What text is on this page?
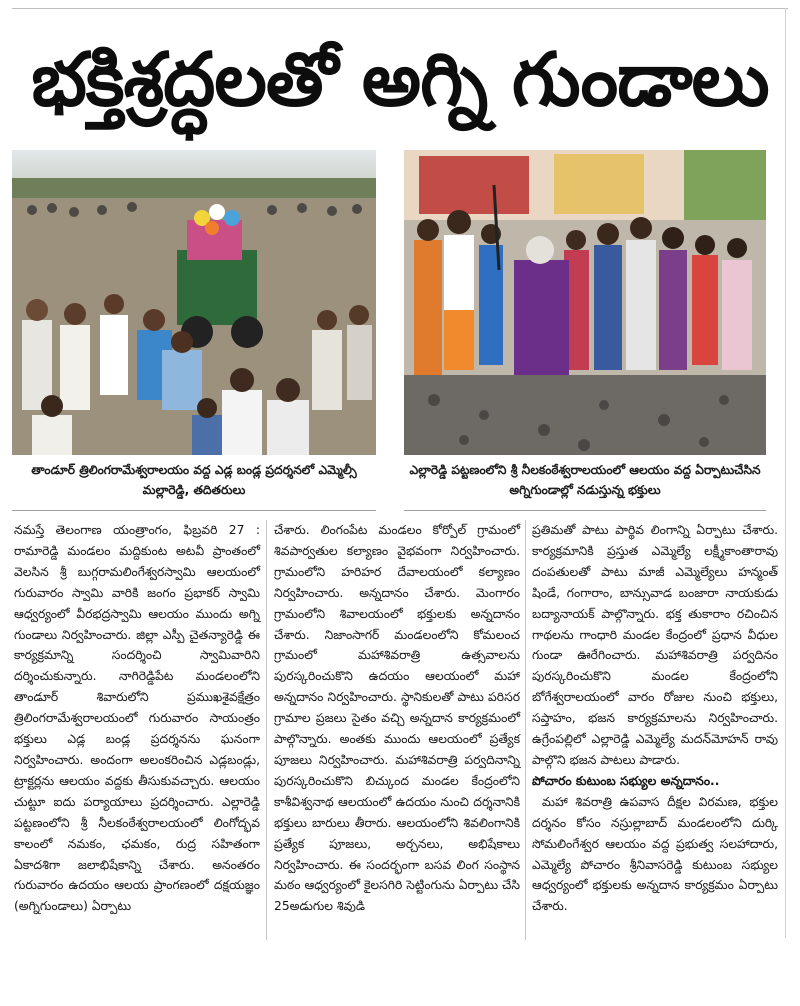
భక్తిశ్రద్ధలతో అగ్ని గుండాలు
తాండూర్ త్రిలింగరామేశ్వరాలయం వద్ద ఎడ్ల బండ్ల ప్రదర్శనలో ఎమ్మెల్సీ మల్లారెడ్డి, తదితరులు
ఎల్లారెడ్డి పట్టణంలోని శ్రీ నీలకంఠేశ్వరాలయంలో ఆలయం వద్ద ఏర్పాటుచేసిన అగ్నిగుండాల్లో నడుస్తున్న భక్తులు

నమస్తే తెలంగాణ యంత్రాంగం, ఫిబ్రవరి 27 : రామారెడ్డి మండలం మద్దికుంట అటవీ ప్రాంతంలో వెలసిన శ్రీ బుగ్గరామలింగేశ్వరస్వామి ఆలయంలో గురువారం స్వామి వారికి జంగం ప్రభాకర్ స్వామి ఆధ్వర్యంలో వీరభద్రస్వామి ఆలయం ముందు అగ్ని గుండాలు నిర్వహించారు. జిల్లా ఎస్పీ చైతన్యారెడ్డి ఈ కార్యక్రమాన్ని సందర్శించి స్వామివారిని దర్శించుకున్నారు. నాగిరెడ్డిపేట మండలంలోని తాండూర్ శివారులోని ప్రముఖశైవక్షేత్రం త్రిలింగరామేశ్వరాలయంలో గురువారం సాయంత్రం భక్తులు ఎడ్ల బండ్ల ప్రదర్శనను ఘనంగా నిర్వహించారు. అందంగా అలంకరించిన ఎడ్లబండ్లు, ట్రాక్టర్లను ఆలయం వద్దకు తీసుకువచ్చారు. ఆలయం చుట్టూ ఐదు పర్యాయాలు ప్రదర్శించారు. ఎల్లారెడ్డి పట్టణంలోని శ్రీ నీలకంఠేశ్వరాలయంలో లింగోద్భవ కాలంలో నమకం, ఛమకం, రుద్ర సహితంగా ఏకాదశిగా జలాభిషేకాన్ని చేశారు. అనంతరం గురువారం ఉదయం ఆలయ ప్రాంగణంలో దక్షయజ్ఞం (అగ్నిగుండాలు) ఏర్పాటు

చేశారు. లింగంపేట మండలం కోర్పోల్ గ్రామంలో శివపార్వతుల కల్యాణం వైభవంగా నిర్వహించారు. గ్రామంలోని హరిహర దేవాలయంలో కల్యాణం నిర్వహించారు. అన్నదానం చేశారు. మెంగారం గ్రామంలోని శివాలయంలో భక్తులకు అన్నదానం చేశారు. నిజాంసాగర్ మండలంలోని కోమలంచ గ్రామంలో మహాశివరాత్రి ఉత్సవాలను పురస్కరించుకొని ఉదయం ఆలయంలో మహా అన్నదానం నిర్వహించారు. స్థానికులతో పాటు పరిసర గ్రామాల ప్రజలు సైతం వచ్చి అన్నదాన కార్యక్రమంలో పాల్గొన్నారు. అంతకు ముందు ఆలయంలో ప్రత్యేక పూజలు నిర్వహించారు. మహాశివరాత్రి పర్వదినాన్ని పురస్కరించుకొని బిచ్కుంద మండల కేంద్రంలోని కాశీవిశ్వనాథ ఆలయంలో ఉదయం నుంచి దర్శనానికి భక్తులు బారులు తీరారు. ఆలయంలోని శివలింగానికి ప్రత్యేక పూజలు, అర్చనలు, అభిషేకాలు నిర్వహించారు. ఈ సందర్భంగా బసవ లింగ సంస్థాన మఠం ఆధ్వర్యంలో కైలసగిరి సెట్టింగును ఏర్పాటు చేసి 25అడుగుల శివుడి

ప్రతిమతో పాటు పార్థివ లింగాన్ని ఏర్పాటు చేశారు. కార్యక్రమానికి ప్రస్తుత ఎమ్మెల్యే లక్ష్మీకాంతారావు దంపతులతో పాటు మాజీ ఎమ్మెల్యేలు హన్మంత్ షిండే, గంగారాం, బాన్సువాడ బంజారా నాయకుడు బద్యానాయక్ పాల్గొన్నారు. భక్త తుకారాం రచించిన గాథలను గాంధారి మండల కేంద్రంలో ప్రధాన వీధుల గుండా ఊరేగించారు. మహాశివరాత్రి పర్వదినం పురస్కరించుకొని మండల కేంద్రంలోని బోగేశ్వరాలయంలో వారం రోజుల నుంచి భక్తులు, సప్తాహం, భజన కార్యక్రమాలను నిర్వహించారు. ఉగ్రేంపల్లిలో ఎల్లారెడ్డి ఎమ్మెల్యే మదన్‌మోహన్ రావు పాల్గొని భజన పాటలు పాడారు.

పోచారం కుటుంబ సభ్యుల అన్నదానం..

మహా శివరాత్రి ఉపవాస దీక్షల విరమణ, భక్తుల దర్శనం కోసం నస్రుల్లాబాద్ మండలంలోని దుర్కి సోమలింగేశ్వర ఆలయం వద్ద ప్రభుత్వ సలహాదారు, ఎమ్మెల్యే పోచారం శ్రీనివాసరెడ్డి కుటుంబ సభ్యుల ఆధ్వర్యంలో భక్తులకు అన్నదాన కార్యక్రమం ఏర్పాటు చేశారు.
